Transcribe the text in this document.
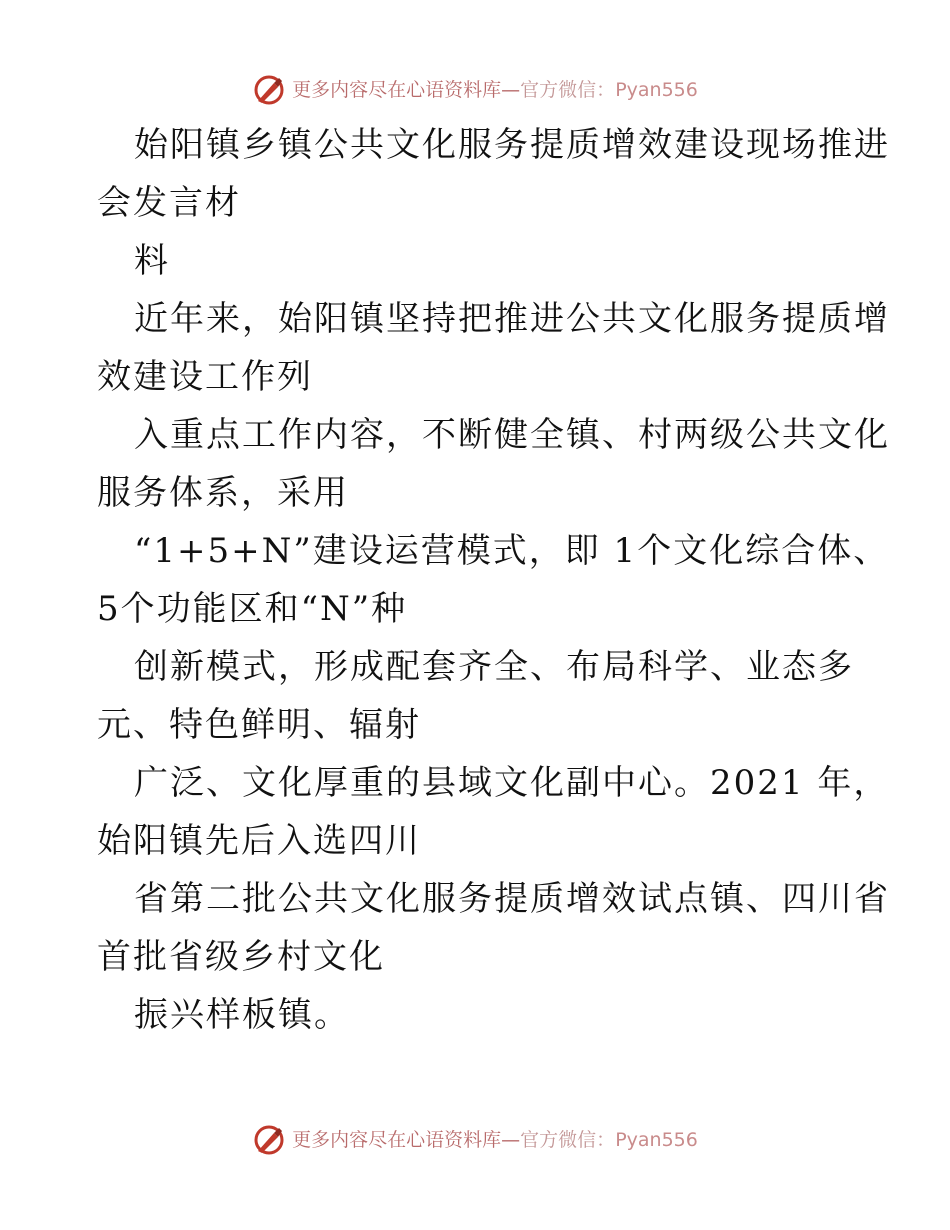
更多内容尽在心语资料库—官方微信：Pyan556
始阳镇乡镇公共文化服务提质增效建设现场推进
会发言材
料
近年来，始阳镇坚持把推进公共文化服务提质增
效建设工作列
入重点工作内容，不断健全镇、村两级公共文化
服务体系，采用
“1+5+N”建设运营模式，即 1个文化综合体、
5个功能区和“N”种
创新模式，形成配套齐全、布局科学、业态多
元、特色鲜明、辐射
广泛、文化厚重的县域文化副中心。2021 年，
始阳镇先后入选四川
省第二批公共文化服务提质增效试点镇、四川省
首批省级乡村文化
振兴样板镇。
更多内容尽在心语资料库—官方微信：Pyan556
